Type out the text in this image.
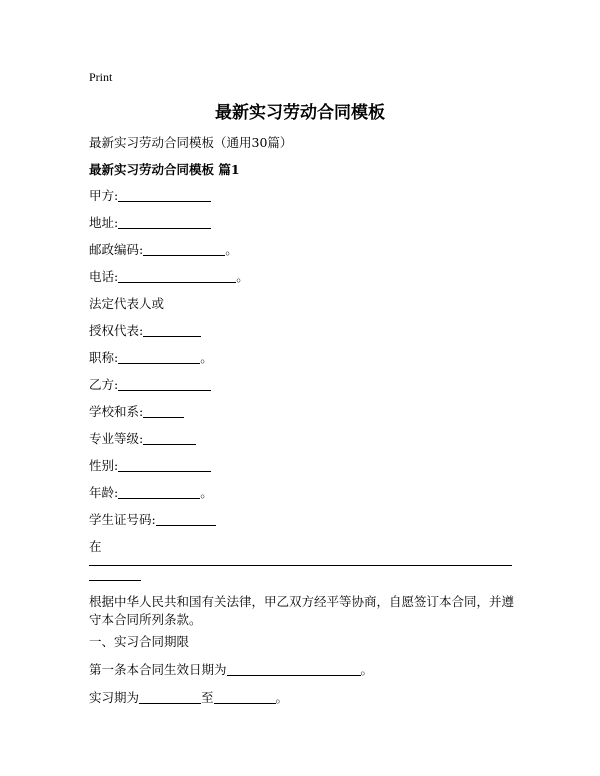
Print
最新实习劳动合同模板
最新实习劳动合同模板（通用30篇）
最新实习劳动合同模板 篇1
甲方:
地址:
邮政编码:	。
电话:	。
法定代表人或
授权代表:
职称:	。
乙方:
学校和系:
专业等级:
性别:
年龄:	。
学生证号码:
在
根据中华人民共和国有关法律，甲乙双方经平等协商，自愿签订本合同，并遵守本合同所列条款。
一、实习合同期限
第一条本合同生效日期为	。
实习期为	至	。
